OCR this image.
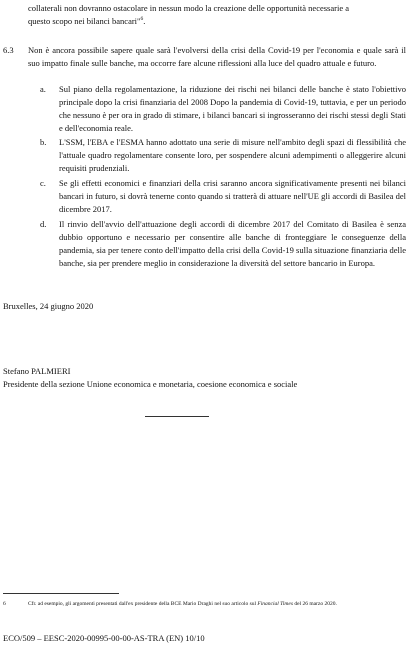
collaterali non dovranno ostacolare in nessun modo la creazione delle opportunità necessarie a
questo scopo nei bilanci bancari"$^6$.
6.3	Non è ancora possibile sapere quale sarà l'evolversi della crisi della Covid-19 per l'economia e quale sarà il suo impatto finale sulle banche, ma occorre fare alcune riflessioni alla luce del quadro attuale e futuro.
a.	Sul piano della regolamentazione, la riduzione dei rischi nei bilanci delle banche è stato l'obiettivo principale dopo la crisi finanziaria del 2008 Dopo la pandemia di Covid-19, tuttavia, e per un periodo che nessuno è per ora in grado di stimare, i bilanci bancari si ingrosseranno dei rischi stessi degli Stati e dell'economia reale.
b.	L'SSM, l'EBA e l'ESMA hanno adottato una serie di misure nell'ambito degli spazi di flessibilità che l'attuale quadro regolamentare consente loro, per sospendere alcuni adempimenti o alleggerire alcuni requisiti prudenziali.
c.	Se gli effetti economici e finanziari della crisi saranno ancora significativamente presenti nei bilanci bancari in futuro, si dovrà tenerne conto quando si tratterà di attuare nell'UE gli accordi di Basilea del dicembre 2017.
d.	Il rinvio dell'avvio dell'attuazione degli accordi di dicembre 2017 del Comitato di Basilea è senza dubbio opportuno e necessario per consentire alle banche di fronteggiare le conseguenze della pandemia, sia per tenere conto dell'impatto della crisi della Covid-19 sulla situazione finanziaria delle banche, sia per prendere meglio in considerazione la diversità del settore bancario in Europa.
Bruxelles, 24 giugno 2020
Stefano PALMIERI
Presidente della sezione Unione economica e monetaria, coesione economica e sociale
6	Cfr. ad esempio, gli argomenti presentati dall'ex presidente della BCE Mario Draghi nel suo articolo sul Financial Times del 26 marzo 2020.
ECO/509 – EESC-2020-00995-00-00-AS-TRA (EN) 10/10
